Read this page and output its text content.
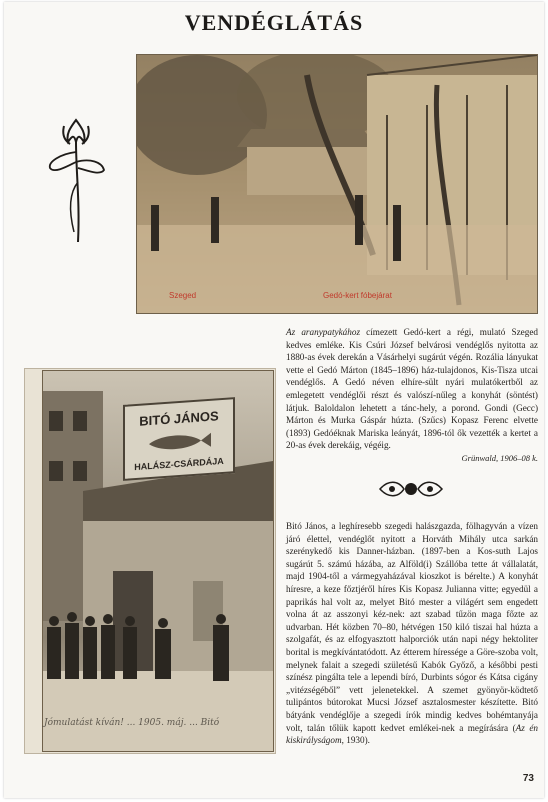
VENDÉGLÁTÁS
Szeged	Gedó-kert fóbejárat
Az aranypatykához címezett Gedó-kert a régi, mulató Szeged kedves emléke. Kis Csúri József belvárosi vendéglős nyitotta az 1880-as évek derekán a Vásárhelyi sugárút végén. Rozália lányukat vette el Gedó Márton (1845–1896) ház-tulajdonos, Kis-Tisza utcai vendéglős. A Gedó néven elhíre-sült nyári mulatókertből az emlegetett vendéglői részt és valószí-nűleg a konyhát (söntést) látjuk. Baloldalon lehetett a tánc-hely, a porond. Gondi (Gecc) Márton és Murka Gáspár húzta. (Szűcs) Kopasz Ferenc elvette (1893) Gedóéknak Mariska leányát, 1896-tól ők vezették a kertet a 20-as évek derekáig, végéig.
Grünwald, 1906–08 k.
BITÓ JÁNOS
HALÁSZ-CSÁRDÁJA
Jómulatást kíván! ... 1905. máj. ... Bitó
Bitó János, a leghíresebb szegedi halászgazda, fölhagyván a vízen járó élettel, vendéglőt nyitott a Horváth Mihály utca sarkán szerénykedő kis Danner-házban. (1897-ben a Kos-suth Lajos sugárút 5. számú házába, az Alföld(i) Szállóba tette át vállalatát, majd 1904-től a vármegyaházával kioszkot is bérelte.) A konyhát híresre, a keze főztjéről híres Kis Kopasz Julianna vitte; egyedül a paprikás hal volt az, melyet Bitó mester a világért sem engedett volna át az asszonyi kéz-nek: azt szabad tűzön maga főzte az udvarban. Hét közben 70–80, hétvégen 150 kiló tiszai hal húzta a szolgafát, és az elfogyasztott halporciók után napi négy hektoliter borital is megkívántatódott. Az étterem híressége a Göre-szoba volt, melynek falait a szegedi születésű Kabók Győző, a későbbi pesti színész pingálta tele a lependi bíró, Durbints sógor és Kátsa cigány „vitézségéből” vett jelenetekkel. A szemet gyönyör-ködtető tulipántos bútorokat Mucsi József asztalosmester készítette. Bitó bátyánk vendéglője a szegedi írók mindig kedves bohémtanyája volt, talán tőlük kapott kedvet emlékei-nek a megírására (Az én kiskirályságom, 1930).
73
